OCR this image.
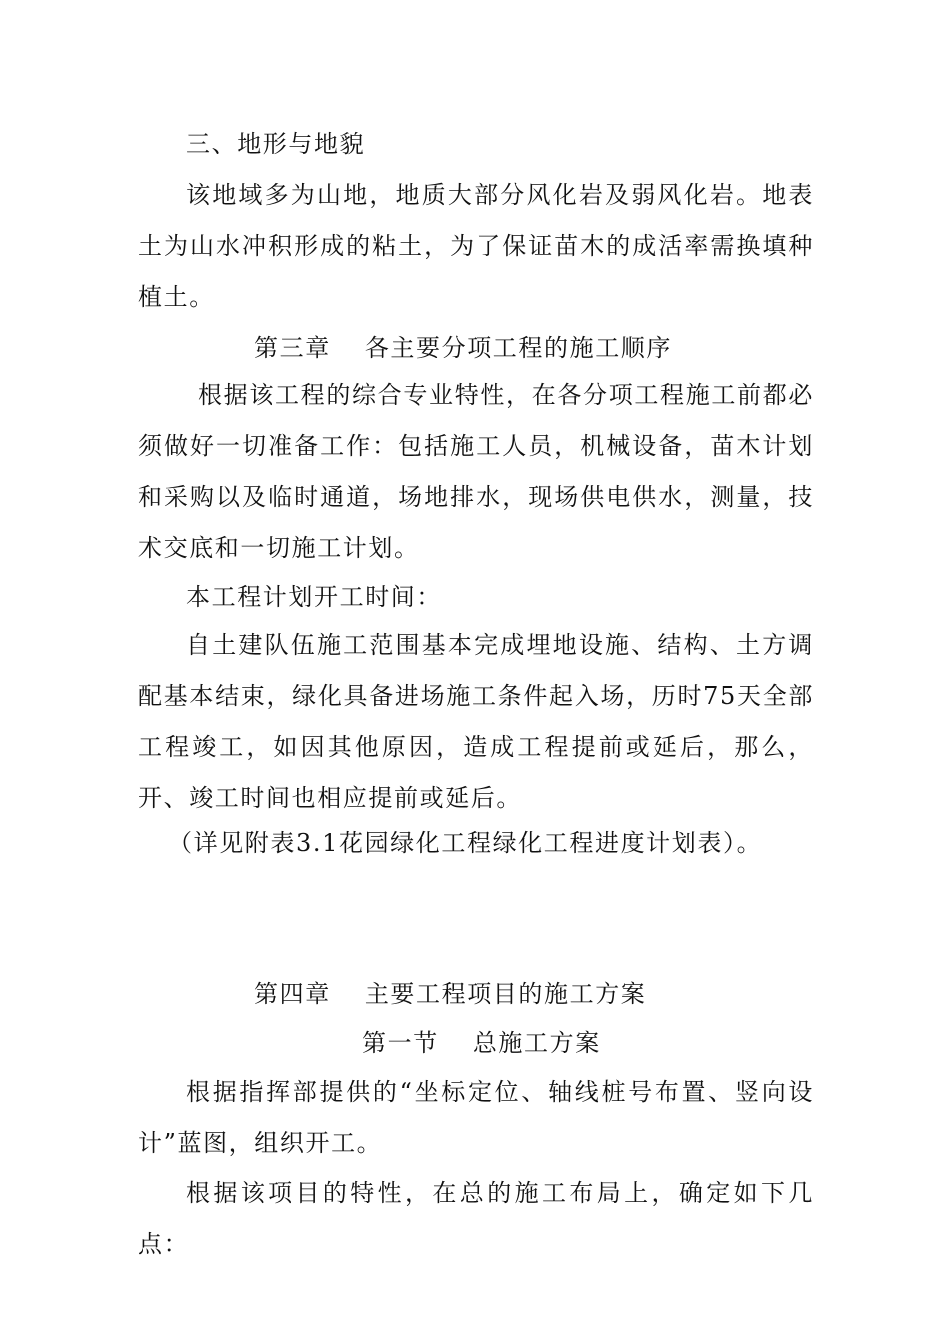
三、地形与地貌

该地域多为山地，地质大部分风化岩及弱风化岩。地表土为山水冲积形成的粘土，为了保证苗木的成活率需换填种植土。

第三章 各主要分项工程的施工顺序

根据该工程的综合专业特性，在各分项工程施工前都必须做好一切准备工作：包括施工人员，机械设备，苗木计划和采购以及临时通道，场地排水，现场供电供水，测量，技术交底和一切施工计划。

本工程计划开工时间：

自土建队伍施工范围基本完成埋地设施、结构、土方调配基本结束，绿化具备进场施工条件起入场，历时75天全部工程竣工，如因其他原因，造成工程提前或延后，那么，开、竣工时间也相应提前或延后。

（详见附表3.1花园绿化工程绿化工程进度计划表）。

第四章 主要工程项目的施工方案

第一节 总施工方案

根据指挥部提供的“坐标定位、轴线桩号布置、竖向设计”蓝图，组织开工。

根据该项目的特性，在总的施工布局上，确定如下几点：
